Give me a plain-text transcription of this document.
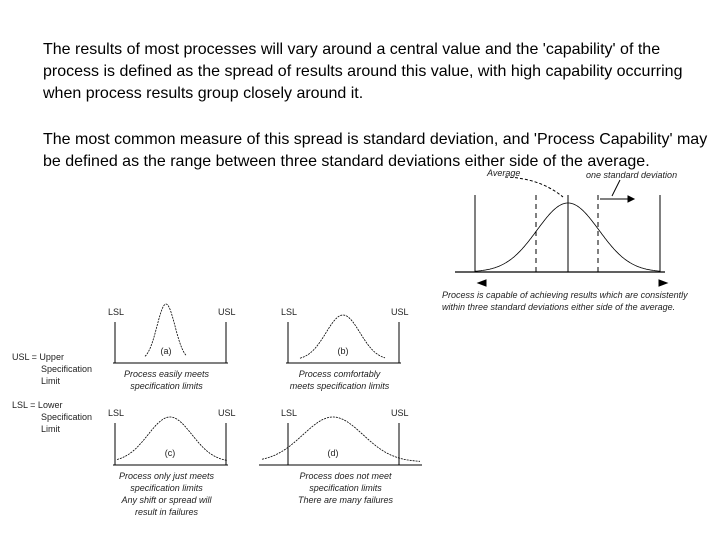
The results of most processes will vary around a central value and the 'capability' of the process is defined as the spread of results around this value, with high capability occurring when process results group closely around it.

The most common measure of this spread is standard deviation, and 'Process Capability' may be defined as the range between three standard deviations either side of the average.

Average	one standard deviation
Process is capable of achieving results which are consistently
within three standard deviations either side of the average.
USL = Upper
Specification
Limit
LSL = Lower
Specification
Limit
LSL	USL
(a)
Process easily meets
specification limits
LSL	USL
(b)
Process comfortably
meets specification limits
LSL	USL
(c)
Process only just meets
specification limits
Any shift or spread will
result in failures
LSL	USL
(d)
Process does not meet
specification limits
There are many failures
